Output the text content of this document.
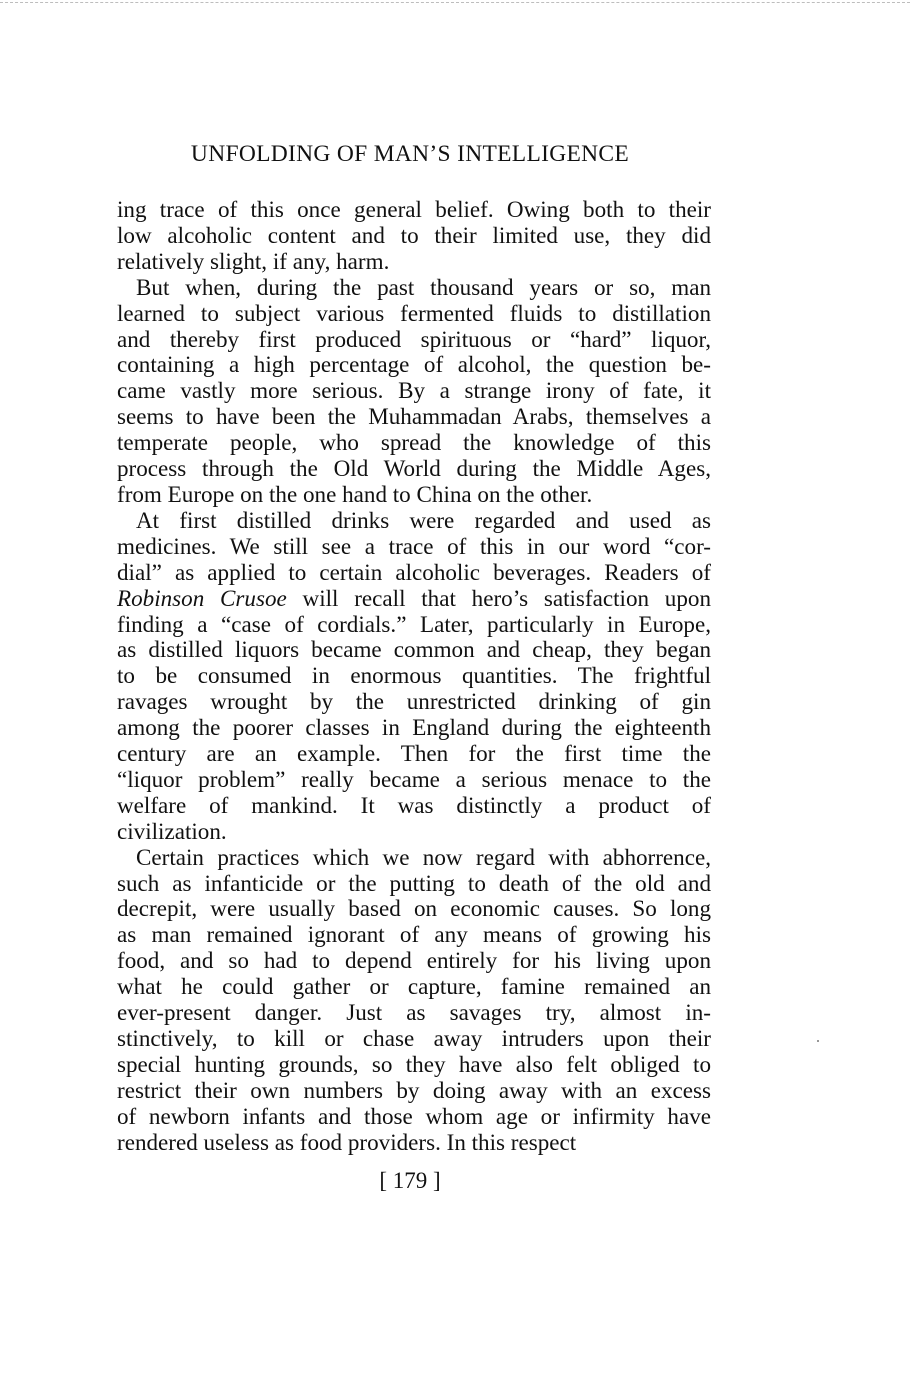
UNFOLDING OF MAN’S INTELLIGENCE
ing trace of this once general belief. Owing both to their
low alcoholic content and to their limited use, they did
relatively slight, if any, harm.
But when, during the past thousand years or so, man
learned to subject various fermented fluids to distillation
and thereby first produced spirituous or “hard” liquor,
containing a high percentage of alcohol, the question be-
came vastly more serious. By a strange irony of fate, it
seems to have been the Muhammadan Arabs, themselves a
temperate people, who spread the knowledge of this
process through the Old World during the Middle Ages,
from Europe on the one hand to China on the other.
At first distilled drinks were regarded and used as
medicines. We still see a trace of this in our word “cor-
dial” as applied to certain alcoholic beverages. Readers of
Robinson Crusoe will recall that hero’s satisfaction upon
finding a “case of cordials.” Later, particularly in Europe,
as distilled liquors became common and cheap, they began
to be consumed in enormous quantities. The frightful
ravages wrought by the unrestricted drinking of gin
among the poorer classes in England during the eighteenth
century are an example. Then for the first time the
“liquor problem” really became a serious menace to the
welfare of mankind. It was distinctly a product of
civilization.
Certain practices which we now regard with abhorrence,
such as infanticide or the putting to death of the old and
decrepit, were usually based on economic causes. So long
as man remained ignorant of any means of growing his
food, and so had to depend entirely for his living upon
what he could gather or capture, famine remained an
ever-present danger. Just as savages try, almost in-
stinctively, to kill or chase away intruders upon their
special hunting grounds, so they have also felt obliged to
restrict their own numbers by doing away with an excess
of newborn infants and those whom age or infirmity have
rendered useless as food providers. In this respect
[ 179 ]
